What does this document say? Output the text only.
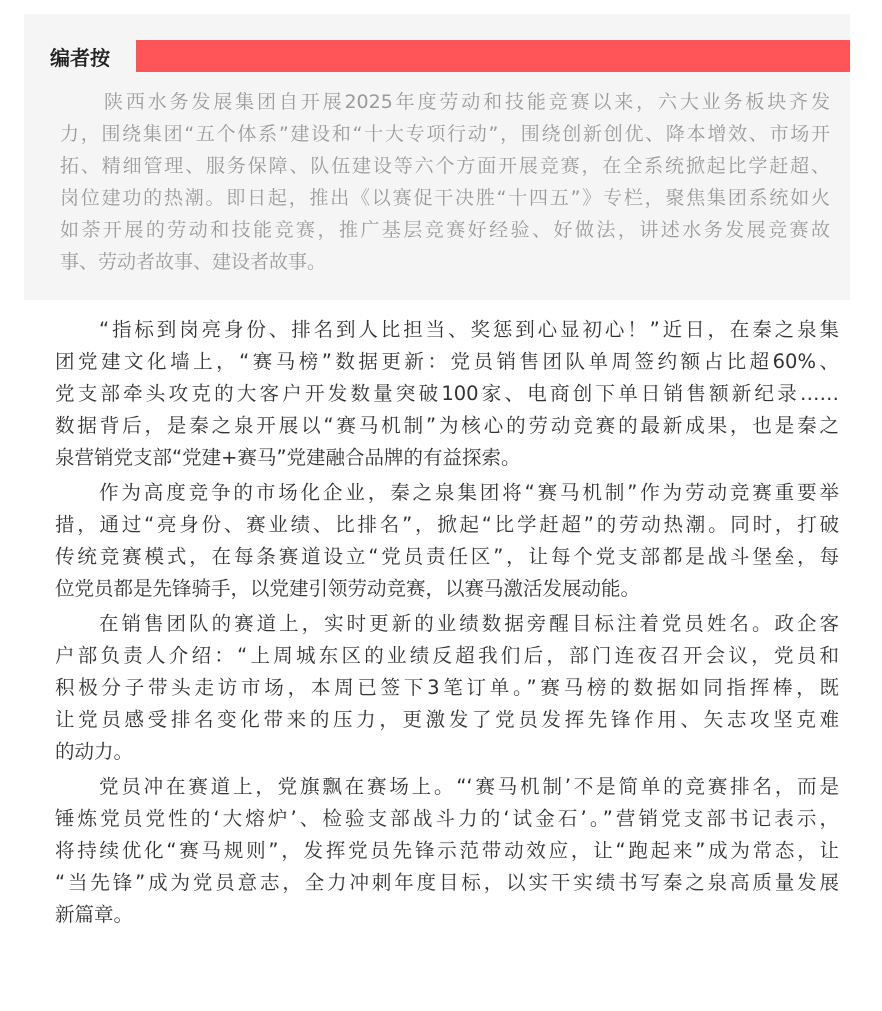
编者按
陕西水务发展集团自开展2025年度劳动和技能竞赛以来，六大业务板块齐发
力，围绕集团“五个体系”建设和“十大专项行动”，围绕创新创优、降本增效、市场开
拓、精细管理、服务保障、队伍建设等六个方面开展竞赛，在全系统掀起比学赶超、
岗位建功的热潮。即日起，推出《以赛促干决胜“十四五”》专栏，聚焦集团系统如火
如荼开展的劳动和技能竞赛，推广基层竞赛好经验、好做法，讲述水务发展竞赛故
事、劳动者故事、建设者故事。
“指标到岗亮身份、排名到人比担当、奖惩到心显初心！”近日，在秦之泉集
团党建文化墙上，“赛马榜”数据更新：党员销售团队单周签约额占比超60%、
党支部牵头攻克的大客户开发数量突破100家、电商创下单日销售额新纪录……
数据背后，是秦之泉开展以“赛马机制”为核心的劳动竞赛的最新成果，也是秦之
泉营销党支部“党建+赛马”党建融合品牌的有益探索。
作为高度竞争的市场化企业，秦之泉集团将“赛马机制”作为劳动竞赛重要举
措，通过“亮身份、赛业绩、比排名”，掀起“比学赶超”的劳动热潮。同时，打破
传统竞赛模式，在每条赛道设立“党员责任区”，让每个党支部都是战斗堡垒，每
位党员都是先锋骑手，以党建引领劳动竞赛，以赛马激活发展动能。
在销售团队的赛道上，实时更新的业绩数据旁醒目标注着党员姓名。政企客
户部负责人介绍：“上周城东区的业绩反超我们后，部门连夜召开会议，党员和
积极分子带头走访市场，本周已签下3笔订单。”赛马榜的数据如同指挥棒，既
让党员感受排名变化带来的压力，更激发了党员发挥先锋作用、矢志攻坚克难
的动力。
党员冲在赛道上，党旗飘在赛场上。“‘赛马机制’不是简单的竞赛排名，而是
锤炼党员党性的‘大熔炉’、检验支部战斗力的‘试金石’。”营销党支部书记表示，
将持续优化“赛马规则”，发挥党员先锋示范带动效应，让“跑起来”成为常态，让
“当先锋”成为党员意志，全力冲刺年度目标，以实干实绩书写秦之泉高质量发展
新篇章。
